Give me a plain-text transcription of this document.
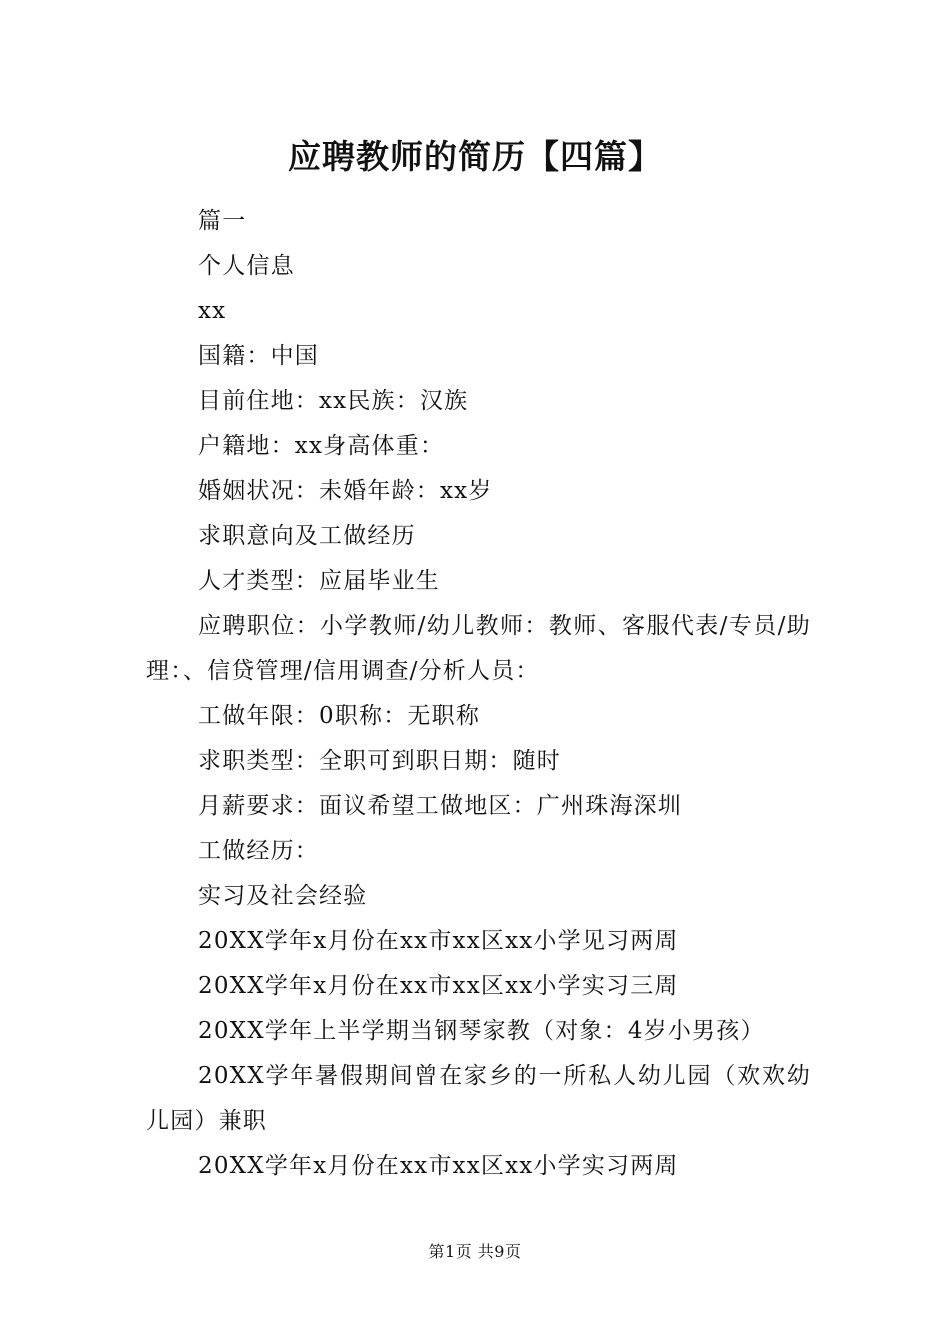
应聘教师的简历【四篇】

篇一

个人信息

xx

国籍：中国

目前住地：xx民族：汉族

户籍地：xx身高体重：

婚姻状况：未婚年龄：xx岁

求职意向及工做经历

人才类型：应届毕业生

应聘职位：小学教师/幼儿教师：教师、客服代表/专员/助理：、信贷管理/信用调查/分析人员：

工做年限：0职称：无职称

求职类型：全职可到职日期：随时

月薪要求：面议希望工做地区：广州珠海深圳

工做经历：

实习及社会经验

20XX学年x月份在xx市xx区xx小学见习两周

20XX学年x月份在xx市xx区xx小学实习三周

20XX学年上半学期当钢琴家教（对象：4岁小男孩）

20XX学年暑假期间曾在家乡的一所私人幼儿园（欢欢幼儿园）兼职

20XX学年x月份在xx市xx区xx小学实习两周

第1页 共9页
